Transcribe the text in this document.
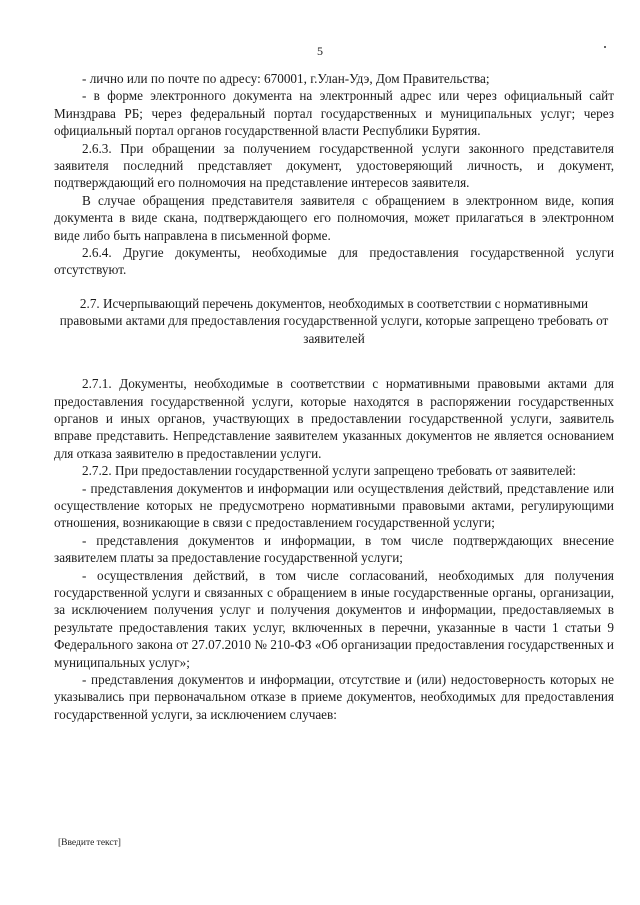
5

- лично или по почте по адресу: 670001, г.Улан-Удэ, Дом Правительства;

- в форме электронного документа на электронный адрес или через официальный сайт Минздрава РБ; через федеральный портал государственных и муниципальных услуг; через официальный портал органов государственной власти Республики Бурятия.

2.6.3. При обращении за получением государственной услуги законного представителя заявителя последний представляет документ, удостоверяющий личность, и документ, подтверждающий его полномочия на представление интересов заявителя.

В случае обращения представителя заявителя с обращением в электронном виде, копия документа в виде скана, подтверждающего его полномочия, может прилагаться в электронном виде либо быть направлена в письменной форме.

2.6.4. Другие документы, необходимые для предоставления государственной услуги отсутствуют.

2.7. Исчерпывающий перечень документов, необходимых в соответствии с нормативными правовыми актами для предоставления государственной услуги, которые запрещено требовать от заявителей

2.7.1. Документы, необходимые в соответствии с нормативными правовыми актами для предоставления государственной услуги, которые находятся в распоряжении государственных органов и иных органов, участвующих в предоставлении государственной услуги, заявитель вправе представить. Непредставление заявителем указанных документов не является основанием для отказа заявителю в предоставлении услуги.

2.7.2. При предоставлении государственной услуги запрещено требовать от заявителей:

- представления документов и информации или осуществления действий, представление или осуществление которых не предусмотрено нормативными правовыми актами, регулирующими отношения, возникающие в связи с предоставлением государственной услуги;

- представления документов и информации, в том числе подтверждающих внесение заявителем платы за предоставление государственной услуги;

- осуществления действий, в том числе согласований, необходимых для получения государственной услуги и связанных с обращением в иные государственные органы, организации, за исключением получения услуг и получения документов и информации, предоставляемых в результате предоставления таких услуг, включенных в перечни, указанные в части 1 статьи 9 Федерального закона от 27.07.2010 № 210-ФЗ «Об организации предоставления государственных и муниципальных услуг»;

- представления документов и информации, отсутствие и (или) недостоверность которых не указывались при первоначальном отказе в приеме документов, необходимых для предоставления государственной услуги, за исключением случаев:

[Введите текст]
